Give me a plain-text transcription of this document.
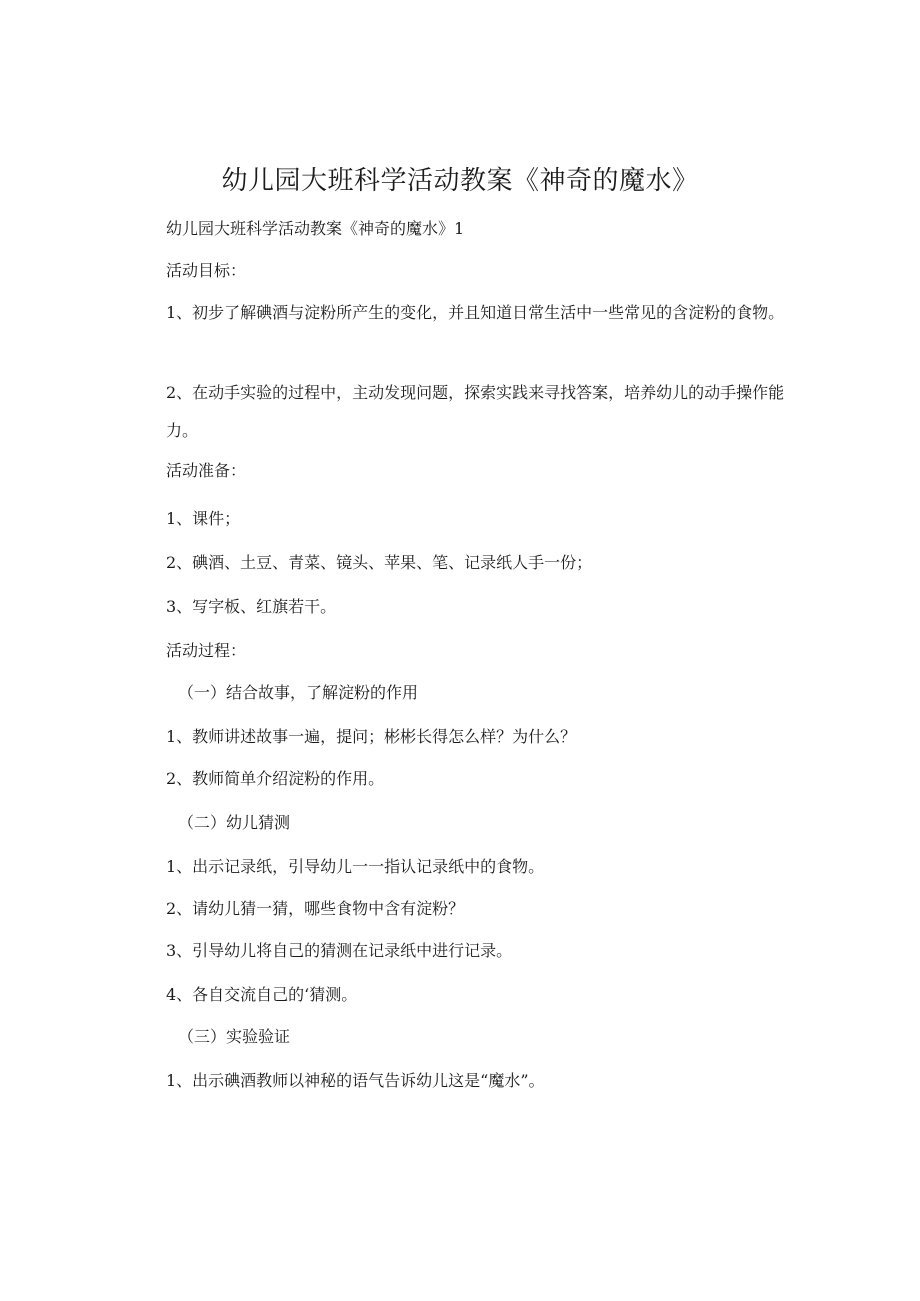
幼儿园大班科学活动教案《神奇的魔水》
幼儿园大班科学活动教案《神奇的魔水》1
活动目标：
1、初步了解碘酒与淀粉所产生的变化，并且知道日常生活中一些常见的含淀粉的食物。
2、在动手实验的过程中，主动发现问题，探索实践来寻找答案，培养幼儿的动手操作能力。
活动准备：
1、课件；
2、碘酒、土豆、青菜、镜头、苹果、笔、记录纸人手一份；
3、写字板、红旗若干。
活动过程：
（一）结合故事，了解淀粉的作用
1、教师讲述故事一遍，提问；彬彬长得怎么样？为什么？
2、教师简单介绍淀粉的作用。
（二）幼儿猜测
1、出示记录纸，引导幼儿一一指认记录纸中的食物。
2、请幼儿猜一猜，哪些食物中含有淀粉？
3、引导幼儿将自己的猜测在记录纸中进行记录。
4、各自交流自己的‘猜测。
（三）实验验证
1、出示碘酒教师以神秘的语气告诉幼儿这是“魔水”。
